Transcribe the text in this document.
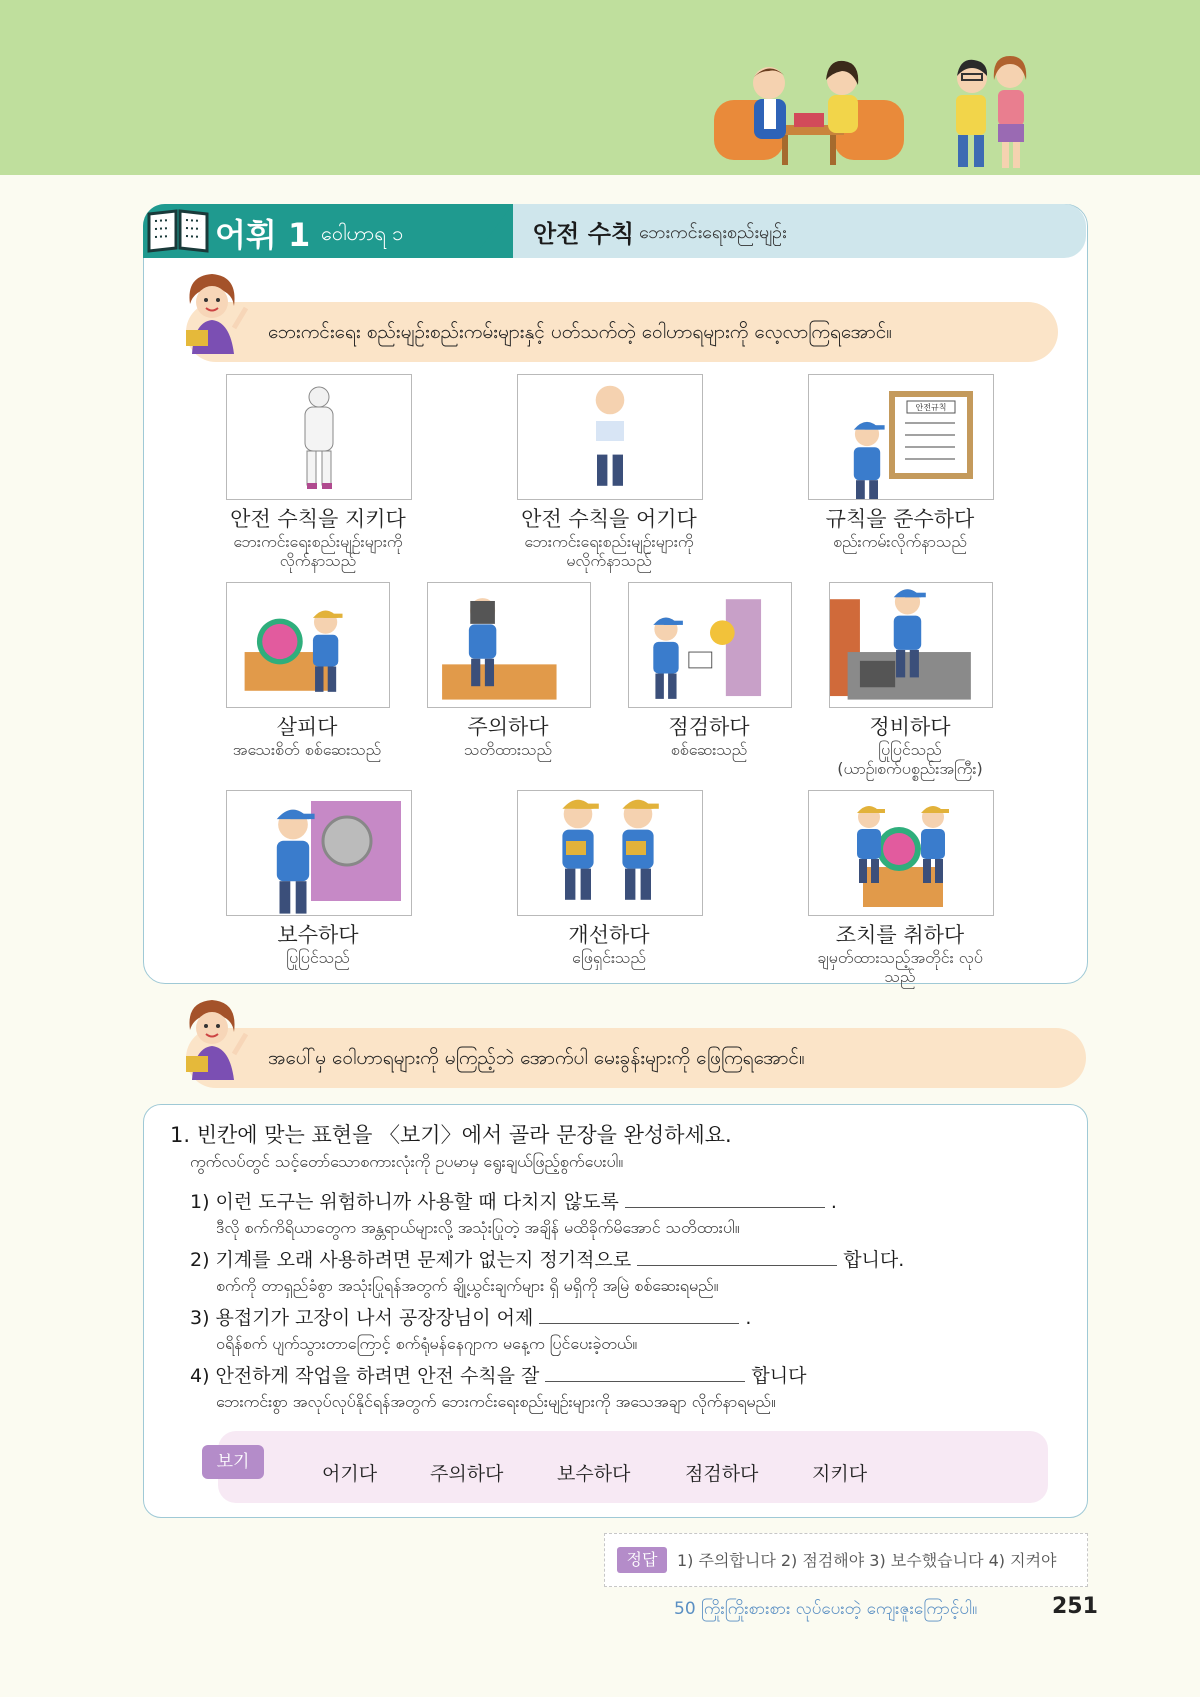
어휘 1 ဝေါဟာရ ၁	안전 수칙 ဘေးကင်းရေးစည်းမျဉ်း
ဘေးကင်းရေး စည်းမျဉ်းစည်းကမ်းများနှင့် ပတ်သက်တဲ့ ဝေါဟာရများကို လေ့လာကြရအောင်။
안전 수칙을 지키다
ဘေးကင်းရေးစည်းမျဉ်းများကို
လိုက်နာသည်
안전 수칙을 어기다
ဘေးကင်းရေးစည်းမျဉ်းများကို
မလိုက်နာသည်
안전규칙
규칙을 준수하다
စည်းကမ်းလိုက်နာသည်
살피다
အသေးစိတ် စစ်ဆေးသည်
주의하다
သတိထားသည်
점검하다
စစ်ဆေးသည်
정비하다
ပြုပြင်သည်
(ယာဉ်၊စက်ပစ္စည်းအကြီး)
보수하다
ပြုပြင်သည်
개선하다
ဖြေရှင်းသည်
조치를 취하다
ချမှတ်ထားသည့်အတိုင်း လုပ်သည်
အပေါ်မှ ဝေါဟာရများကို မကြည့်ဘဲ အောက်ပါ မေးခွန်းများကို ဖြေကြရအောင်။
1. 빈칸에 맞는 표현을 〈보기〉에서 골라 문장을 완성하세요.
ကွက်လပ်တွင် သင့်တော်သောစကားလုံးကို ဥပမာမှ ရွေးချယ်ဖြည့်စွက်ပေးပါ။
1) 이런 도구는 위험하니까 사용할 때 다치지 않도록	.
ဒီလို စက်ကိရိယာတွေက အန္တရာယ်များလို့ အသုံးပြုတဲ့ အချိန် မထိခိုက်မိအောင် သတိထားပါ။
2) 기계를 오래 사용하려면 문제가 없는지 정기적으로	합니다.
စက်ကို တာရှည်ခံစွာ အသုံးပြုရန်အတွက် ချို့ယွင်းချက်များ ရှိ မရှိကို အမြဲ စစ်ဆေးရမည်။
3) 용접기가 고장이 나서 공장장님이 어제	.
ဝရိန်စက် ပျက်သွားတာကြောင့် စက်ရုံမန်နေဂျာက မနေ့က ပြင်ပေးခဲ့တယ်။
4) 안전하게 작업을 하려면 안전 수칙을 잘	합니다
ဘေးကင်းစွာ အလုပ်လုပ်နိုင်ရန်အတွက် ဘေးကင်းရေးစည်းမျဉ်းများကို အသေအချာ လိုက်နာရမည်။
보기
어기다	주의하다	보수하다	점검하다	지키다
정답	1) 주의합니다 2) 점검해야 3) 보수했습니다 4) 지켜야
50 ကြိုးကြိုးစားစား လုပ်ပေးတဲ့ ကျေးဇူးကြောင့်ပါ။	251
